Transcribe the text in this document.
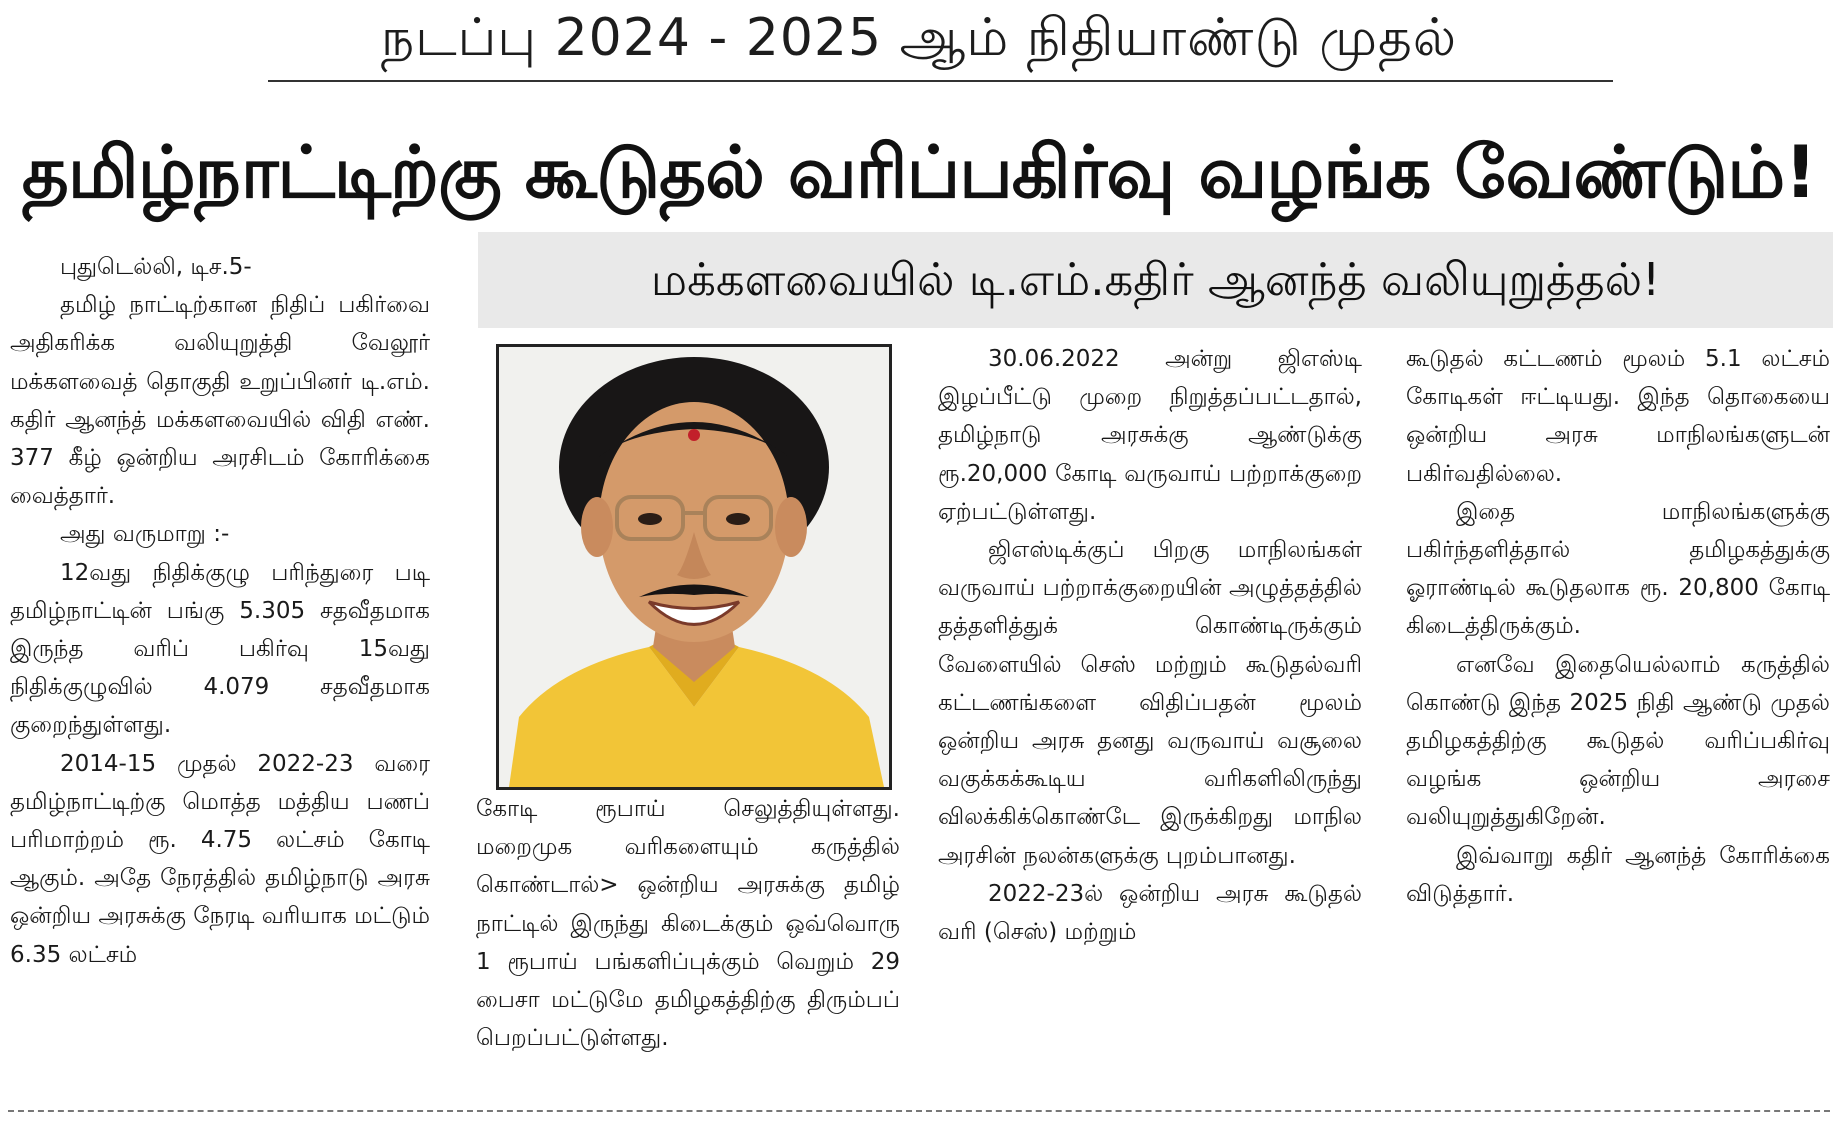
நடப்பு 2024 - 2025 ஆம் நிதியாண்டு முதல்
தமிழ்நாட்டிற்கு கூடுதல் வரிப்பகிர்வு வழங்க வேண்டும்!
மக்களவையில் டி.எம்.கதிர் ஆனந்த் வலியுறுத்தல்!

புதுடெல்லி, டிச.5-

தமிழ் நாட்டிற்கான நிதிப் பகிர்வை அதிகரிக்க வலியுறுத்தி வேலூர் மக்களவைத் தொகுதி உறுப்பினர் டி.எம். கதிர் ஆனந்த் மக்களவையில் விதி எண். 377 கீழ் ஒன்றிய அரசிடம் கோரிக்கை வைத்தார்.

அது வருமாறு :-

12வது நிதிக்குழு பரிந்துரை படி தமிழ்நாட்டின் பங்கு 5.305 சதவீதமாக இருந்த வரிப் பகிர்வு 15வது நிதிக்குழுவில் 4.079 சதவீதமாக குறைந்துள்ளது.

2014-15 முதல் 2022-23 வரை தமிழ்நாட்டிற்கு மொத்த மத்திய பணப் பரிமாற்றம் ரூ. 4.75 லட்சம் கோடி ஆகும். அதே நேரத்தில் தமிழ்நாடு அரசு ஒன்றிய அரசுக்கு நேரடி வரியாக மட்டும் 6.35 லட்சம்

கோடி ரூபாய் செலுத்தியுள்ளது. மறைமுக வரிகளையும் கருத்தில் கொண்டால்> ஒன்றிய அரசுக்கு தமிழ் நாட்டில் இருந்து கிடைக்கும் ஒவ்வொரு 1 ரூபாய் பங்களிப்புக்கும் வெறும் 29 பைசா மட்டுமே தமிழகத்திற்கு திரும்பப் பெறப்பட்டுள்ளது.

30.06.2022 அன்று ஜிஎஸ்டி இழப்பீட்டு முறை நிறுத்தப்பட்டதால், தமிழ்நாடு அரசுக்கு ஆண்டுக்கு ரூ.20,000 கோடி வருவாய் பற்றாக்குறை ஏற்பட்டுள்ளது.

ஜிஎஸ்டிக்குப் பிறகு மாநிலங்கள் வருவாய் பற்றாக்குறையின் அழுத்தத்தில் தத்தளித்துக் கொண்டிருக்கும் வேளையில் செஸ் மற்றும் கூடுதல்வரி கட்டணங்களை விதிப்பதன் மூலம் ஒன்றிய அரசு தனது வருவாய் வசூலை வகுக்கக்கூடிய வரிகளிலிருந்து விலக்கிக்கொண்டே இருக்கிறது மாநில அரசின் நலன்களுக்கு புறம்பானது.

2022-23ல் ஒன்றிய அரசு கூடுதல் வரி (செஸ்) மற்றும்

கூடுதல் கட்டணம் மூலம் 5.1 லட்சம் கோடிகள் ஈட்டியது. இந்த தொகையை ஒன்றிய அரசு மாநிலங்களுடன் பகிர்வதில்லை.

இதை மாநிலங்களுக்கு பகிர்ந்தளித்தால் தமிழகத்துக்கு ஓராண்டில் கூடுதலாக ரூ. 20,800 கோடி கிடைத்திருக்கும்.

எனவே இதையெல்லாம் கருத்தில் கொண்டு இந்த 2025 நிதி ஆண்டு முதல் தமிழகத்திற்கு கூடுதல் வரிப்பகிர்வு வழங்க ஒன்றிய அரசை வலியுறுத்துகிறேன்.

இவ்வாறு கதிர் ஆனந்த் கோரிக்கை விடுத்தார்.
